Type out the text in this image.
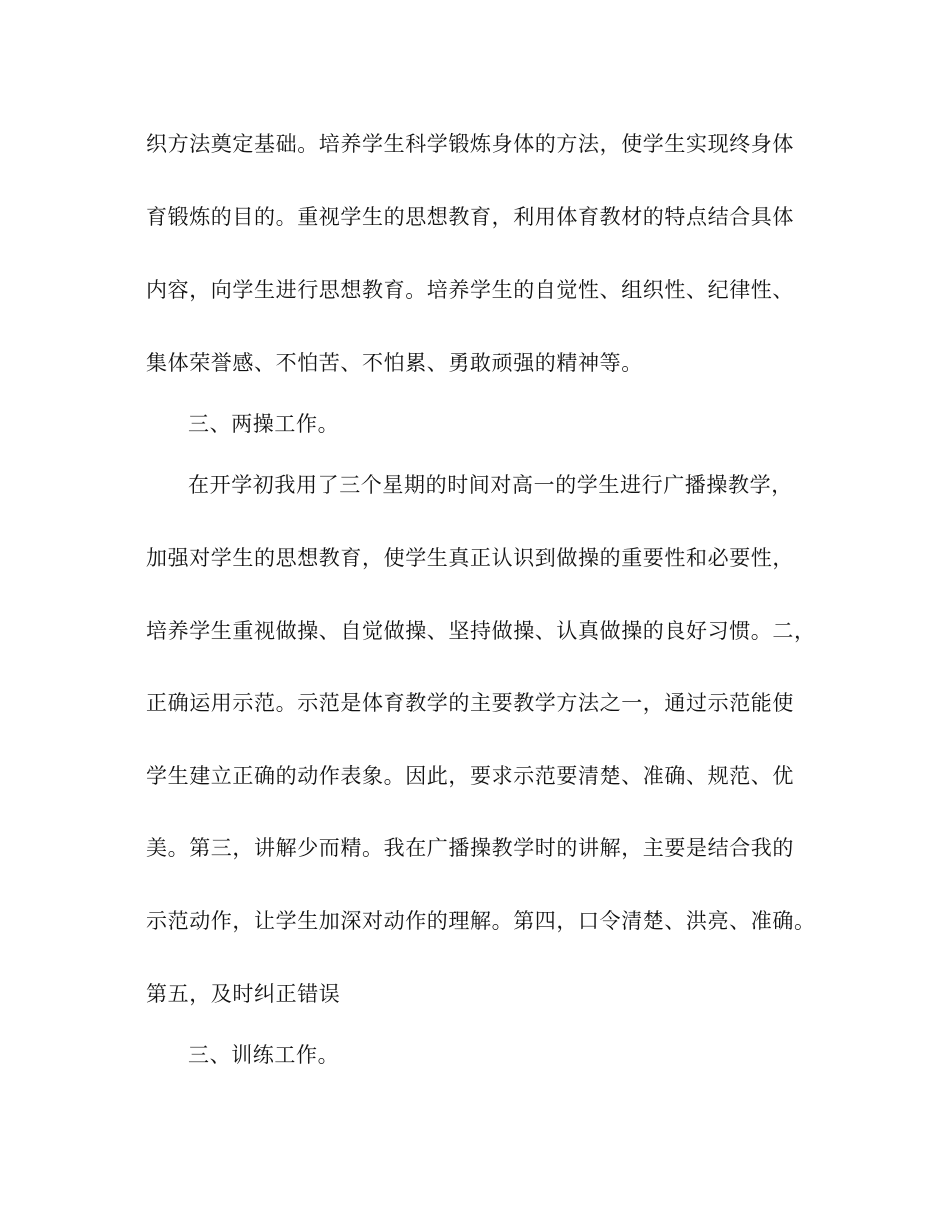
织方法奠定基础。培养学生科学锻炼身体的方法，使学生实现终身体
育锻炼的目的。重视学生的思想教育，利用体育教材的特点结合具体
内容，向学生进行思想教育。培养学生的自觉性、组织性、纪律性、
集体荣誉感、不怕苦、不怕累、勇敢顽强的精神等。
三、两操工作。
在开学初我用了三个星期的时间对高一的学生进行广播操教学，
加强对学生的思想教育，使学生真正认识到做操的重要性和必要性，
培养学生重视做操、自觉做操、坚持做操、认真做操的良好习惯。二，
正确运用示范。示范是体育教学的主要教学方法之一，通过示范能使
学生建立正确的动作表象。因此，要求示范要清楚、准确、规范、优
美。第三，讲解少而精。我在广播操教学时的讲解，主要是结合我的
示范动作，让学生加深对动作的理解。第四，口令清楚、洪亮、准确。
第五，及时纠正错误
三、训练工作。
